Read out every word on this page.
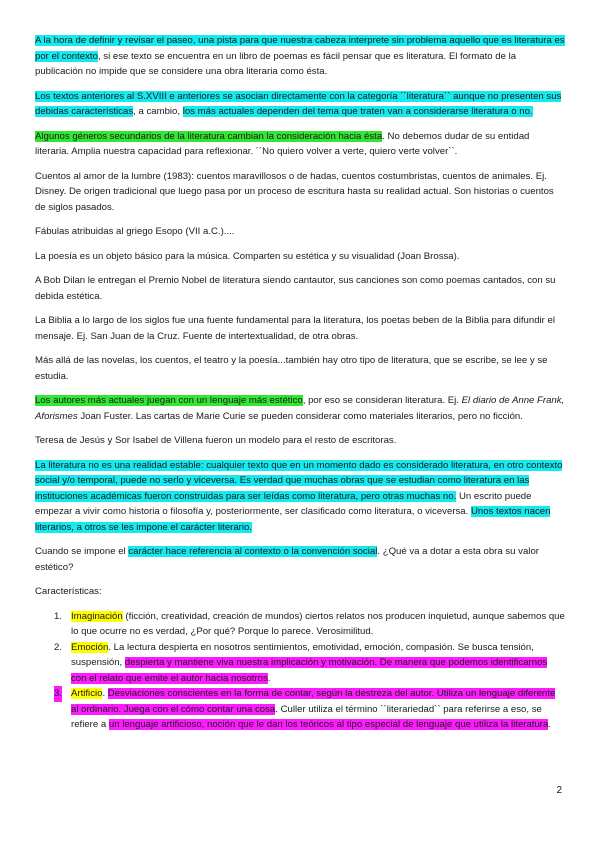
A la hora de definir y revisar el paseo, una pista para que nuestra cabeza interprete sin problema aquello que es literatura es por el contexto, si ese texto se encuentra en un libro de poemas es fácil pensar que es literatura. El formato de la publicación no impide que se considere una obra literaria como ésta.

Los textos anteriores al S.XVIII e anteriores se asocian directamente con la categoría ´´literatura`` aunque no presenten sus debidas características, a cambio, los más actuales dependen del tema que traten van a considerarse literatura o no.

Algunos géneros secundarios de la literatura cambian la consideración hacia ésta. No debemos dudar de su entidad literaria. Amplia nuestra capacidad para reflexionar. ´´No quiero volver a verte, quiero verte volver``.

Cuentos al amor de la lumbre (1983): cuentos maravillosos o de hadas, cuentos costumbristas, cuentos de animales. Ej. Disney. De origen tradicional que luego pasa por un proceso de escritura hasta su realidad actual. Son historias o cuentos de siglos pasados.

Fábulas atribuidas al griego Esopo (VII a.C.)....

La poesía es un objeto básico para la música. Comparten su estética y su visualidad (Joan Brossa).

A Bob Dilan le entregan el Premio Nobel de literatura siendo cantautor, sus canciones son como poemas cantados, con su debida estética.

La Biblia a lo largo de los siglos fue una fuente fundamental para la literatura, los poetas beben de la Biblia para difundir el mensaje. Ej. San Juan de la Cruz. Fuente de intertextualidad, de otra obras.

Más allá de las novelas, los cuentos, el teatro y la poesía...también hay otro tipo de literatura, que se escribe, se lee y se estudia.

Los autores más actuales juegan con un lenguaje más estético, por eso se consideran literatura. Ej. El diario de Anne Frank, Aforismes Joan Fuster. Las cartas de Marie Curie se pueden considerar como materiales literarios, pero no ficción.

Teresa de Jesús y Sor Isabel de Villena fueron un modelo para el resto de escritoras.

La literatura no es una realidad estable: cualquier texto que en un momento dado es considerado literatura, en otro contexto social y/o temporal, puede no serlo y viceversa. Es verdad que muchas obras que se estudian como literatura en las instituciones académicas fueron construidas para ser leídas como literatura, pero otras muchas no. Un escrito puede empezar a vivir como historia o filosofía y, posteriormente, ser clasificado como literatura, o viceversa. Unos textos nacen literarios, a otros se les impone el carácter literario.

Cuando se impone el carácter hace referencia al contexto o la convención social. ¿Qué va a dotar a esta obra su valor estético?

Características:

1. Imaginación (ficción, creatividad, creación de mundos) ciertos relatos nos producen inquietud, aunque sabemos que lo que ocurre no es verdad, ¿Por qué? Porque lo parece. Verosimilitud.
2. Emoción. La lectura despierta en nosotros sentimientos, emotividad, emoción, compasión. Se busca tensión, suspensión, despierta y mantiene viva nuestra implicación y motivación. De manera que podemos identificarnos con el relato que emite el autor hacia nosotros.
3. Artificio. Desviaciones conscientes en la forma de contar, según la destreza del autor. Utiliza un lenguaje diferente al ordinario. Juega con el cómo contar una cosa. Culler utiliza el término ´´literariedad`` para referirse a eso, se refiere a un lenguaje artificioso, noción que le dan los teóricos al tipo especial de lenguaje que utiliza la literatura.
2
